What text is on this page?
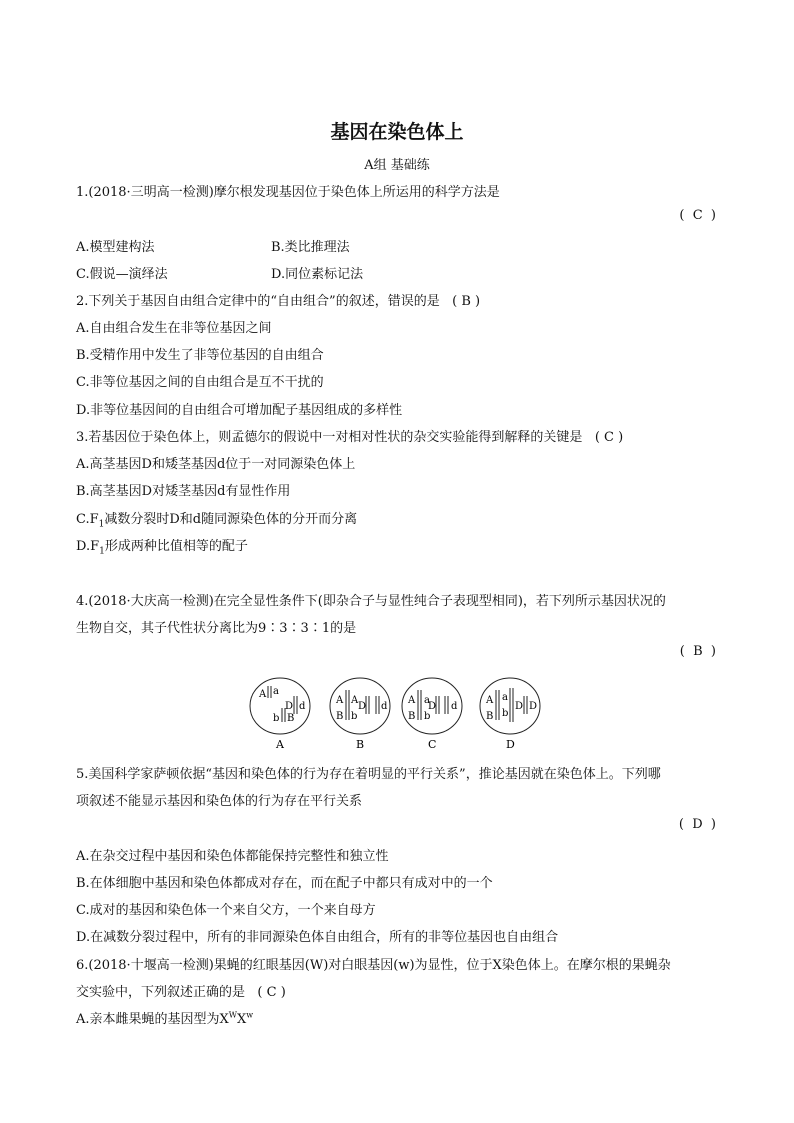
基因在染色体上
A组 基础练
1.(2018·三明高一检测)摩尔根发现基因位于染色体上所运用的科学方法是
(  C  )
A.模型建构法	B.类比推理法
C.假说—演绎法	D.同位素标记法
2.下列关于基因自由组合定律中的“自由组合”的叙述，错误的是 ( B )
A.自由组合发生在非等位基因之间
B.受精作用中发生了非等位基因的自由组合
C.非等位基因之间的自由组合是互不干扰的
D.非等位基因间的自由组合可增加配子基因组成的多样性
3.若基因位于染色体上，则孟德尔的假说中一对相对性状的杂交实验能得到解释的关键是 ( C )
A.高茎基因D和矮茎基因d位于一对同源染色体上
B.高茎基因D对矮茎基因d有显性作用
$C.F_1$减数分裂时D和d随同源染色体的分开而分离
$D.F_1$形成两种比值相等的配子
4.(2018·大庆高一检测)在完全显性条件下(即杂合子与显性纯合子表现型相同)，若下列所示基因状况的
生物自交，其子代性状分离比为9∶3∶3∶1的是
(  B  )
A a
D d
b B
A A
B b
D d
A a
B b
D d
A a
B b
D D
A	B	C	D
5.美国科学家萨顿依据“基因和染色体的行为存在着明显的平行关系”，推论基因就在染色体上。下列哪
项叙述不能显示基因和染色体的行为存在平行关系
(  D  )
A.在杂交过程中基因和染色体都能保持完整性和独立性
B.在体细胞中基因和染色体都成对存在，而在配子中都只有成对中的一个
C.成对的基因和染色体一个来自父方，一个来自母方
D.在减数分裂过程中，所有的非同源染色体自由组合，所有的非等位基因也自由组合
6.(2018·十堰高一检测)果蝇的红眼基因(W)对白眼基因(w)为显性，位于X染色体上。在摩尔根的果蝇杂
交实验中，下列叙述正确的是 ( C )
A.亲本雌果蝇的基因型为$X^WX^w$
